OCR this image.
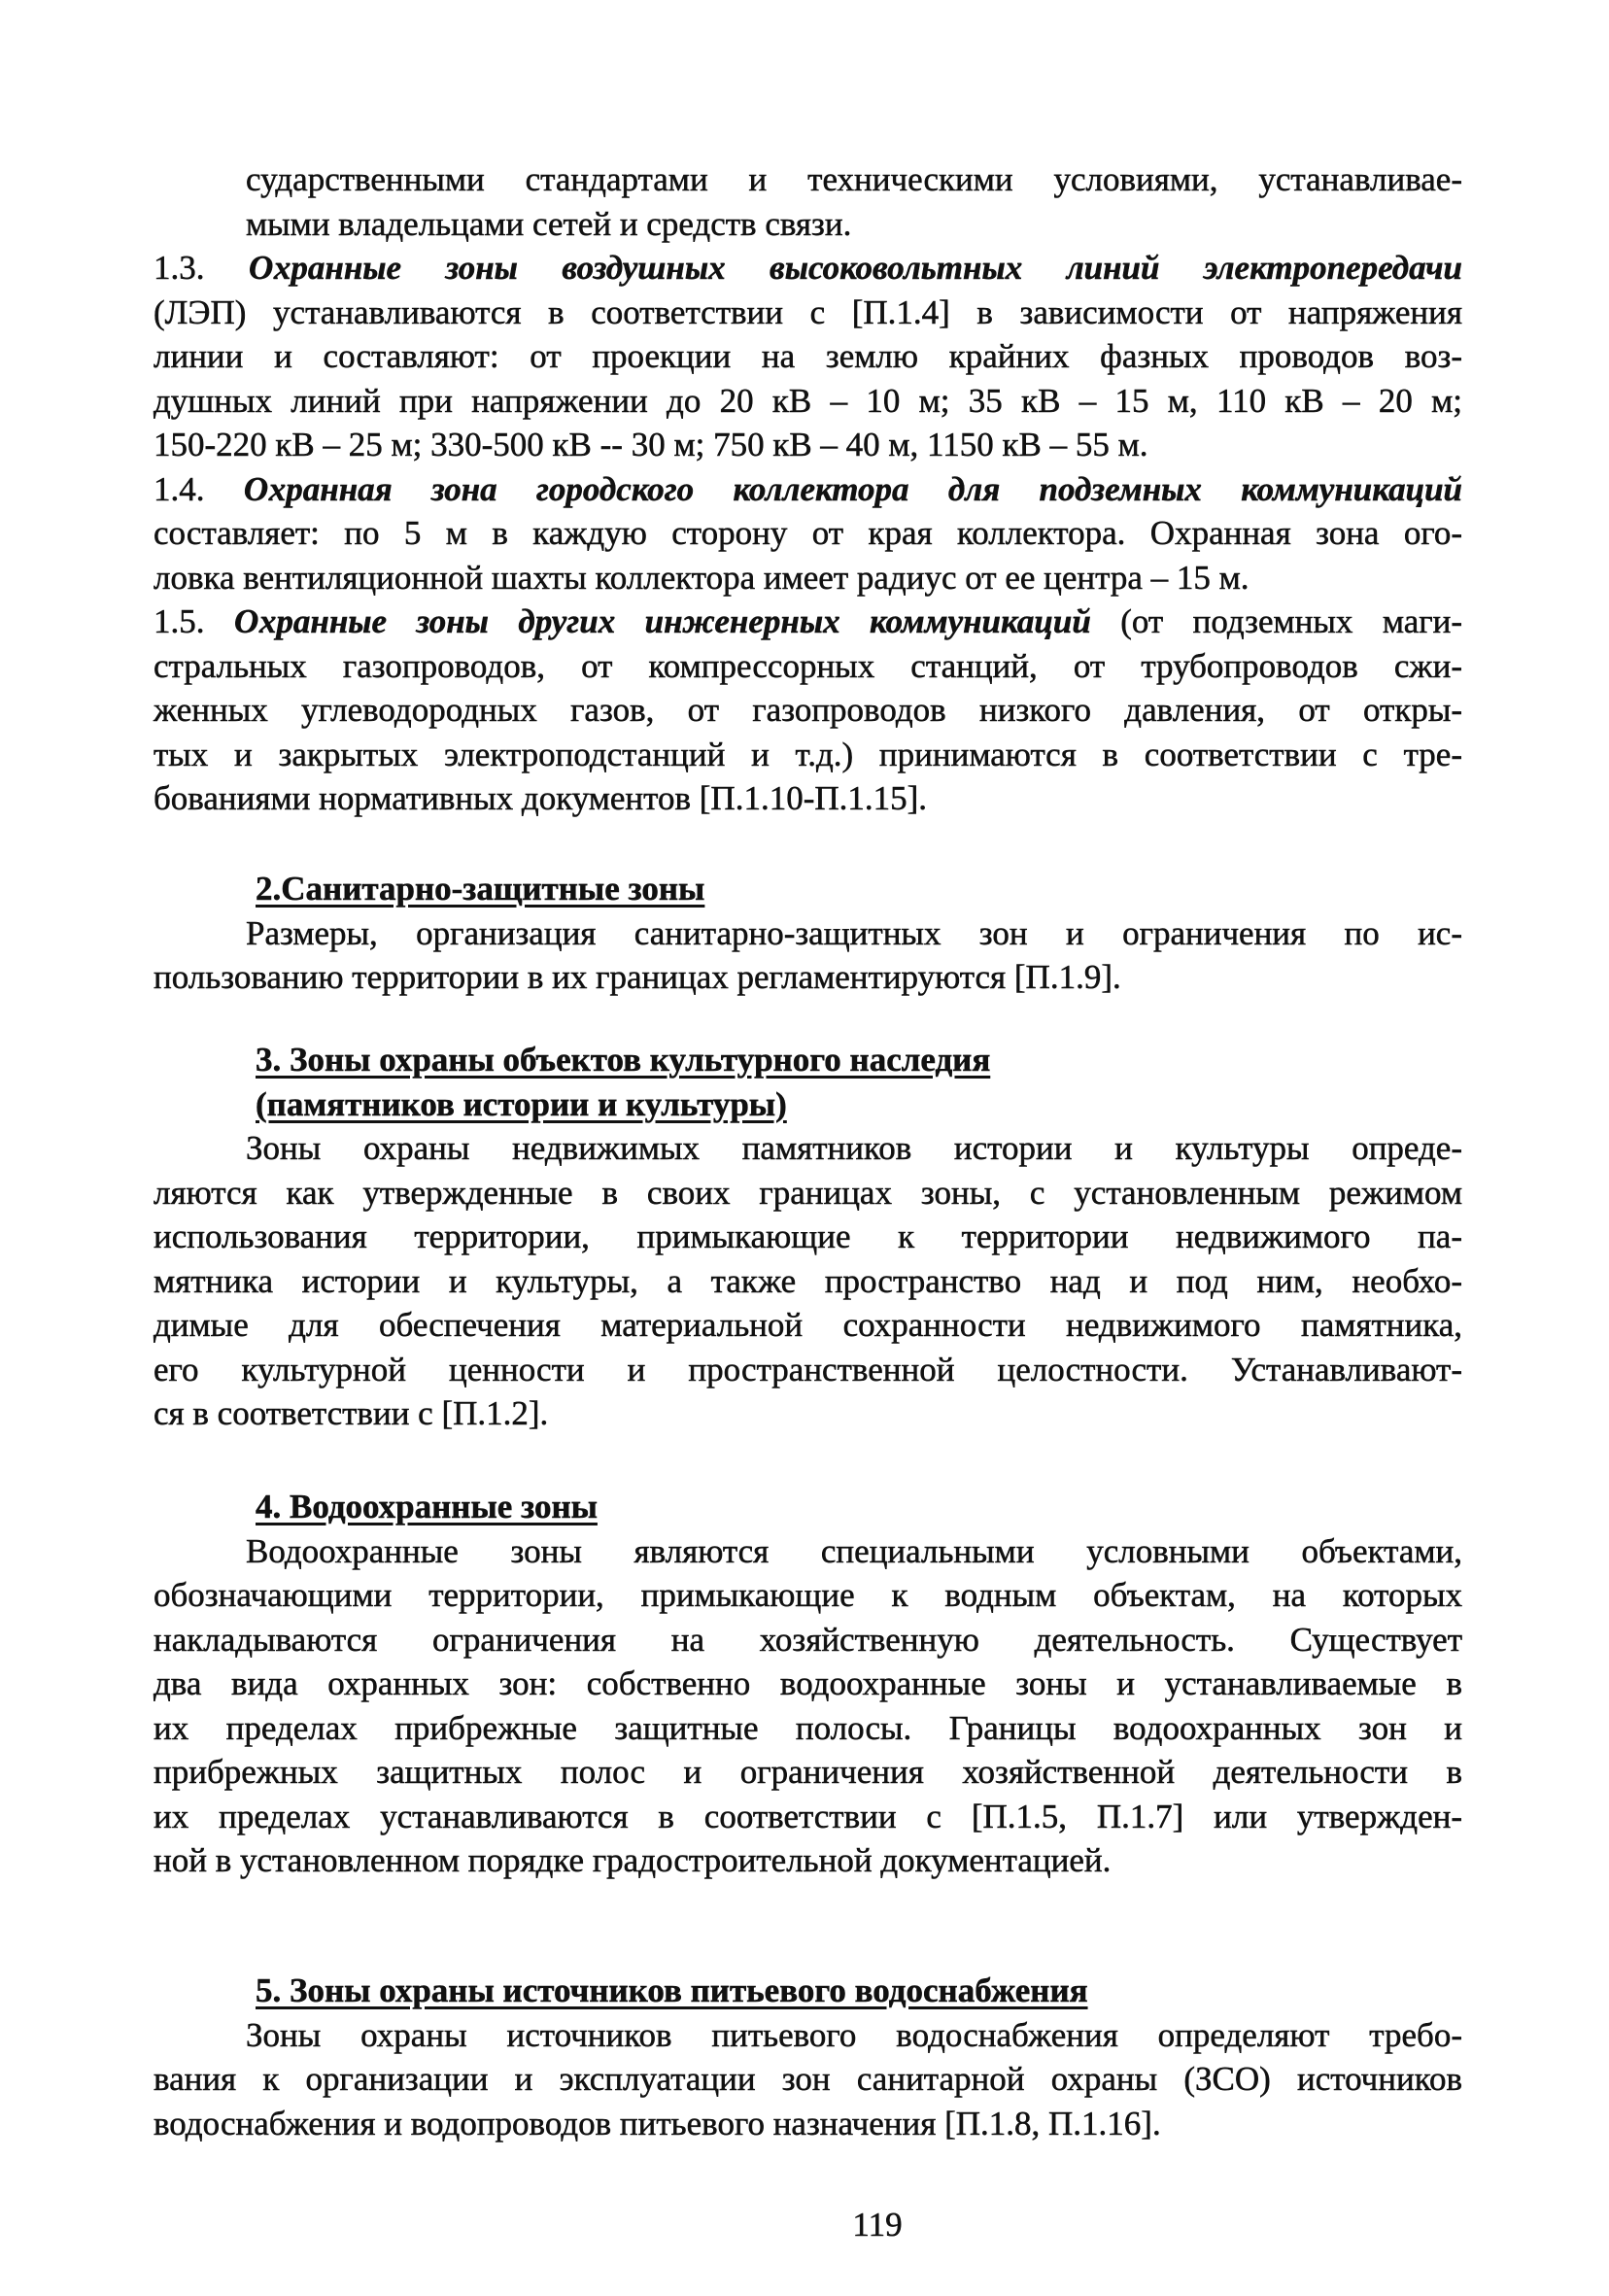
сударственными стандартами и техническими условиями, устанавливае-
мыми владельцами сетей и средств связи.
1.3. Охранные зоны воздушных высоковольтных линий электропередачи
(ЛЭП) устанавливаются в соответствии с [П.1.4] в зависимости от напряжения
линии и составляют: от проекции на землю крайних фазных проводов воз-
душных линий при напряжении до 20 кВ – 10 м; 35 кВ – 15 м, 110 кВ – 20 м;
150-220 кВ – 25 м; 330-500 кВ -- 30 м; 750 кВ – 40 м, 1150 кВ – 55 м.
1.4. Охранная зона городского коллектора для подземных коммуникаций
составляет: по 5 м в каждую сторону от края коллектора. Охранная зона ого-
ловка вентиляционной шахты коллектора имеет радиус от ее центра – 15 м.
1.5. Охранные зоны других инженерных коммуникаций (от подземных маги-
стральных газопроводов, от компрессорных станций, от трубопроводов сжи-
женных углеводородных газов, от газопроводов низкого давления, от откры-
тых и закрытых электроподстанций и т.д.) принимаются в соответствии с тре-
бованиями нормативных документов [П.1.10-П.1.15].
2.Санитарно-защитные зоны
Размеры, организация санитарно-защитных зон и ограничения по ис-
пользованию территории в их границах регламентируются [П.1.9].
3. Зоны охраны объектов культурного наследия
(памятников истории и культуры)
Зоны охраны недвижимых памятников истории и культуры опреде-
ляются как утвержденные в своих границах зоны, с установленным режимом
использования территории, примыкающие к территории недвижимого па-
мятника истории и культуры, а также пространство над и под ним, необхо-
димые для обеспечения материальной сохранности недвижимого памятника,
его культурной ценности и пространственной целостности. Устанавливают-
ся в соответствии с [П.1.2].
4. Водоохранные зоны
Водоохранные зоны являются специальными условными объектами,
обозначающими территории, примыкающие к водным объектам, на которых
накладываются ограничения на хозяйственную деятельность. Существует
два вида охранных зон: собственно водоохранные зоны и устанавливаемые в
их пределах прибрежные защитные полосы. Границы водоохранных зон и
прибрежных защитных полос и ограничения хозяйственной деятельности в
их пределах устанавливаются в соответствии с [П.1.5, П.1.7] или утвержден-
ной в установленном порядке градостроительной документацией.
5. Зоны охраны источников питьевого водоснабжения
Зоны охраны источников питьевого водоснабжения определяют требо-
вания к организации и эксплуатации зон санитарной охраны (ЗСО) источников
водоснабжения и водопроводов питьевого назначения [П.1.8, П.1.16].
119
